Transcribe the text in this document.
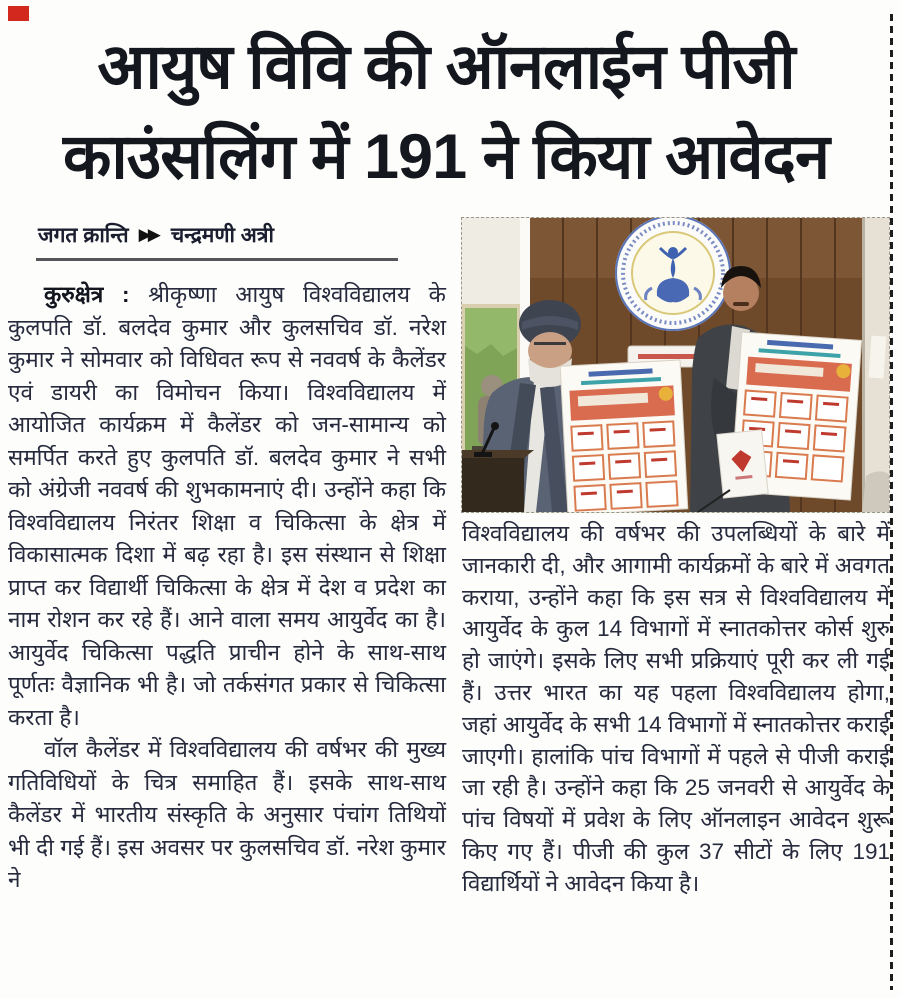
आयुष विवि की ऑनलाईन पीजी
काउंसलिंग में 191 ने किया आवेदन
जगत क्रान्ति ▶▶ चन्द्रमणी अत्री

कुरुक्षेत्र : श्रीकृष्णा आयुष विश्वविद्यालय के कुलपति डॉ. बलदेव कुमार और कुलसचिव डॉ. नरेश कुमार ने सोमवार को विधिवत रूप से नववर्ष के कैलेंडर एवं डायरी का विमोचन किया। विश्वविद्यालय में आयोजित कार्यक्रम में कैलेंडर को जन-सामान्य को समर्पित करते हुए कुलपति डॉ. बलदेव कुमार ने सभी को अंग्रेजी नववर्ष की शुभकामनाएं दी। उन्होंने कहा कि विश्वविद्यालय निरंतर शिक्षा व चिकित्सा के क्षेत्र में विकासात्मक दिशा में बढ़ रहा है। इस संस्थान से शिक्षा प्राप्त कर विद्यार्थी चिकित्सा के क्षेत्र में देश व प्रदेश का नाम रोशन कर रहे हैं। आने वाला समय आयुर्वेद का है। आयुर्वेद चिकित्सा पद्धति प्राचीन होने के साथ-साथ पूर्णतः वैज्ञानिक भी है। जो तर्कसंगत प्रकार से चिकित्सा करता है।

वॉल कैलेंडर में विश्वविद्यालय की वर्षभर की मुख्य गतिविधियों के चित्र समाहित हैं। इसके साथ-साथ कैलेंडर में भारतीय संस्कृति के अनुसार पंचांग तिथियों भी दी गई हैं। इस अवसर पर कुलसचिव डॉ. नरेश कुमार ने

विश्वविद्यालय की वर्षभर की उपलब्धियों के बारे में जानकारी दी, और आगामी कार्यक्रमों के बारे में अवगत कराया, उन्होंने कहा कि इस सत्र से विश्वविद्यालय में आयुर्वेद के कुल 14 विभागों में स्नातकोत्तर कोर्स शुरु हो जाएंगे। इसके लिए सभी प्रक्रियाएं पूरी कर ली गई हैं। उत्तर भारत का यह पहला विश्वविद्यालय होगा, जहां आयुर्वेद के सभी 14 विभागों में स्नातकोत्तर कराई जाएगी। हालांकि पांच विभागों में पहले से पीजी कराई जा रही है। उन्होंने कहा कि 25 जनवरी से आयुर्वेद के पांच विषयों में प्रवेश के लिए ऑनलाइन आवेदन शुरू किए गए हैं। पीजी की कुल 37 सीटों के लिए 191 विद्यार्थियों ने आवेदन किया है।
